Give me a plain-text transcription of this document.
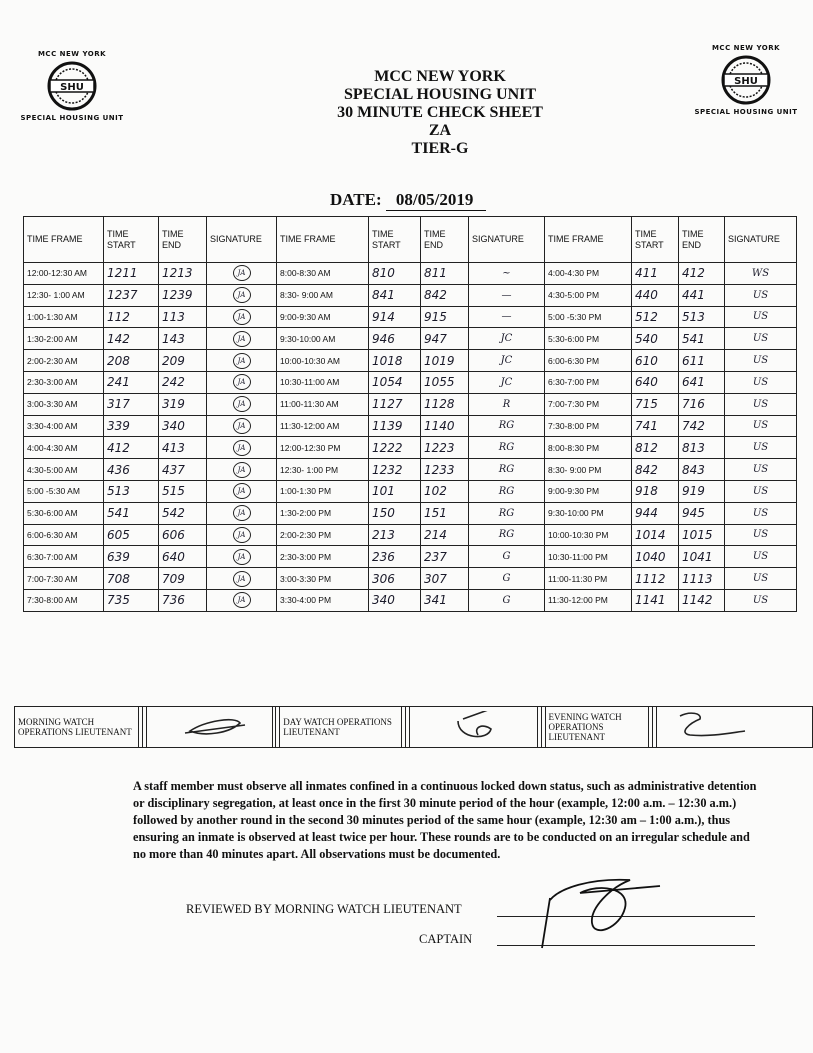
MCC NEW YORK
SHU
SPECIAL HOUSING UNIT
MCC NEW YORK
SHU
SPECIAL HOUSING UNIT
MCC NEW YORK
SPECIAL HOUSING UNIT
30 MINUTE CHECK SHEET
ZA
TIER-G
DATE: 08/05/2019
TIME FRAME	TIME START	TIME END	SIGNATURE	TIME FRAME	TIME START	TIME END	SIGNATURE	TIME FRAME	TIME START	TIME END	SIGNATURE
12:00-12:30 AM	1211	1213	JA	8:00-8:30 AM	810	811	~	4:00-4:30 PM	411	412	WS
12:30- 1:00 AM	1237	1239	JA	8:30- 9:00 AM	841	842	—	4:30-5:00 PM	440	441	US
1:00-1:30 AM	112	113	JA	9:00-9:30 AM	914	915	—	5:00 -5:30 PM	512	513	US
1:30-2:00 AM	142	143	JA	9:30-10:00 AM	946	947	JC	5:30-6:00 PM	540	541	US
2:00-2:30 AM	208	209	JA	10:00-10:30 AM	1018	1019	JC	6:00-6:30 PM	610	611	US
2:30-3:00 AM	241	242	JA	10:30-11:00 AM	1054	1055	JC	6:30-7:00 PM	640	641	US
3:00-3:30 AM	317	319	JA	11:00-11:30 AM	1127	1128	R	7:00-7:30 PM	715	716	US
3:30-4:00 AM	339	340	JA	11:30-12:00 AM	1139	1140	RG	7:30-8:00 PM	741	742	US
4:00-4:30 AM	412	413	JA	12:00-12:30 PM	1222	1223	RG	8:00-8:30 PM	812	813	US
4:30-5:00 AM	436	437	JA	12:30- 1:00 PM	1232	1233	RG	8:30- 9:00 PM	842	843	US
5:00 -5:30 AM	513	515	JA	1:00-1:30 PM	101	102	RG	9:00-9:30 PM	918	919	US
5:30-6:00 AM	541	542	JA	1:30-2:00 PM	150	151	RG	9:30-10:00 PM	944	945	US
6:00-6:30 AM	605	606	JA	2:00-2:30 PM	213	214	RG	10:00-10:30 PM	1014	1015	US
6:30-7:00 AM	639	640	JA	2:30-3:00 PM	236	237	G	10:30-11:00 PM	1040	1041	US
7:00-7:30 AM	708	709	JA	3:00-3:30 PM	306	307	G	11:00-11:30 PM	1112	1113	US
7:30-8:00 AM	735	736	JA	3:30-4:00 PM	340	341	G	11:30-12:00 PM	1141	1142	US
MORNING WATCH OPERATIONS LIEUTENANT						DAY WATCH OPERATIONS LIEUTENANT						EVENING WATCH OPERATIONS LIEUTENANT			
A staff member must observe all inmates confined in a continuous locked down status, such as administrative detention or disciplinary segregation, at least once in the first 30 minute period of the hour (example, 12:00 a.m. – 12:30 a.m.) followed by another round in the second 30 minutes period of the same hour (example, 12:30 am – 1:00 a.m.), thus ensuring an inmate is observed at least twice per hour. These rounds are to be conducted on an irregular schedule and no more than 40 minutes apart. All observations must be documented.
REVIEWED BY MORNING WATCH LIEUTENANT
CAPTAIN
